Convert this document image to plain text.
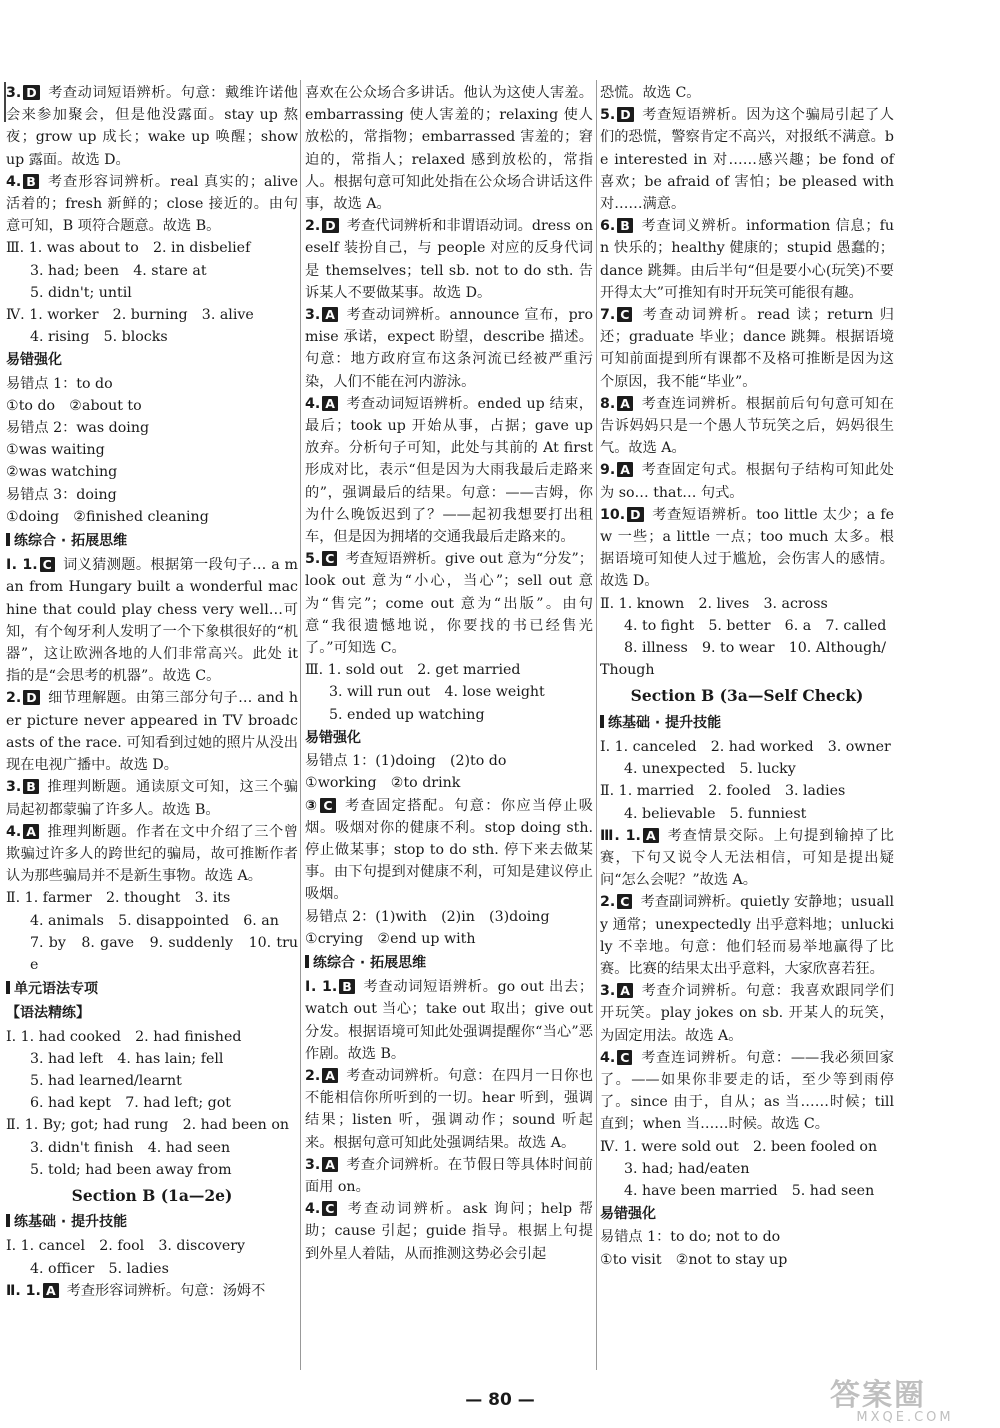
3. D 考查动词短语辨析。句意：戴维许诺他会来参加聚会，但是他没露面。stay up 熬夜；grow up 成长；wake up 唤醒；show up 露面。故选 D。

4. B 考查形容词辨析。real 真实的；alive 活着的；fresh 新鲜的；close 接近的。由句意可知，B 项符合题意。故选 B。

Ⅲ. 1. was about to　2. in disbelief

3. had; been　4. stare at

5. didn't; until

Ⅳ. 1. worker　2. burning　3. alive

4. rising　5. blocks

易错强化

易错点 1：to do

①to do　②about to

易错点 2：was doing

①was waiting

②was watching

易错点 3：doing

①doing　②finished cleaning

练综合 · 拓展思维

Ⅰ. 1. C 词义猜测题。根据第一段句子… a man from Hungary built a wonderful machine that could play chess very well…可知，有个匈牙利人发明了一个下象棋很好的“机器”，这让欧洲各地的人们非常高兴。此处 it 指的是“会思考的机器”。故选 C。

2. D 细节理解题。由第三部分句子… and her picture never appeared in TV broadcasts of the race. 可知看到过她的照片从没出现在电视广播中。故选 D。

3. B 推理判断题。通读原文可知，这三个骗局起初都蒙骗了许多人。故选 B。

4. A 推理判断题。作者在文中介绍了三个曾欺骗过许多人的跨世纪的骗局，故可推断作者认为那些骗局并不是新生事物。故选 A。

Ⅱ. 1. farmer　2. thought　3. its

4. animals　5. disappointed　6. an

7. by　8. gave　9. suddenly　10. true

单元语法专项
【语法精练】

Ⅰ. 1. had cooked　2. had finished

3. had left　4. has lain; fell

5. had learned/learnt

6. had kept　7. had left; got

Ⅱ. 1. By; got; had rung　2. had been on

3. didn't finish　4. had seen

5. told; had been away from

Section B (1a—2e)
练基础 · 提升技能

Ⅰ. 1. cancel　2. fool　3. discovery

4. officer　5. ladies

Ⅱ. 1. A 考查形容词辨析。句意：汤姆不

喜欢在公众场合多讲话。他认为这使人害羞。embarrassing 使人害羞的；relaxing 使人放松的，常指物；embarrassed 害羞的；窘迫的，常指人；relaxed 感到放松的，常指人。根据句意可知此处指在公众场合讲话这件事，故选 A。

2. D 考查代词辨析和非谓语动词。dress oneself 装扮自己，与 people 对应的反身代词是 themselves；tell sb. not to do sth. 告诉某人不要做某事。故选 D。

3. A 考查动词辨析。announce 宣布，promise 承诺，expect 盼望，describe 描述。句意：地方政府宣布这条河流已经被严重污染，人们不能在河内游泳。

4. A 考查动词短语辨析。ended up 结束，最后；took up 开始从事，占据；gave up 放弃。分析句子可知，此处与其前的 At first 形成对比，表示“但是因为大雨我最后走路来的”，强调最后的结果。句意：——吉姆，你为什么晚饭迟到了？——起初我想要打出租车，但是因为拥堵的交通我最后走路来的。

5. C 考查短语辨析。give out 意为“分发”；look out 意为“小心，当心”；sell out 意为“售完”；come out 意为“出版”。由句意“我很遗憾地说，你要找的书已经售光了。”可知选 C。

Ⅲ. 1. sold out　2. get married

3. will run out　4. lose weight

5. ended up watching

易错强化

易错点 1：(1)doing　(2)to do

①working　②to drink

③ C 考查固定搭配。句意：你应当停止吸烟。吸烟对你的健康不利。stop doing sth. 停止做某事；stop to do sth. 停下来去做某事。由下句提到对健康不利，可知是建议停止吸烟。

易错点 2：(1)with　(2)in　(3)doing

①crying　②end up with

练综合 · 拓展思维

Ⅰ. 1. B 考查动词短语辨析。go out 出去；watch out 当心；take out 取出；give out 分发。根据语境可知此处强调提醒你“当心”恶作剧。故选 B。

2. A 考查动词辨析。句意：在四月一日你也不能相信你所听到的一切。hear 听到，强调结果；listen 听，强调动作；sound 听起来。根据句意可知此处强调结果。故选 A。

3. A 考查介词辨析。在节假日等具体时间前面用 on。

4. C 考查动词辨析。ask 询问；help 帮助；cause 引起；guide 指导。根据上句提到外星人着陆，从而推测这势必会引起

恐慌。故选 C。

5. D 考查短语辨析。因为这个骗局引起了人们的恐慌，警察肯定不高兴，对报纸不满意。be interested in 对……感兴趣；be fond of 喜欢；be afraid of 害怕；be pleased with 对……满意。

6. B 考查词义辨析。information 信息；fun 快乐的；healthy 健康的；stupid 愚蠢的；dance 跳舞。由后半句“但是要小心(玩笑)不要开得太大”可推知有时开玩笑可能很有趣。

7. C 考查动词辨析。read 读；return 归还；graduate 毕业；dance 跳舞。根据语境可知前面提到所有课都不及格可推断是因为这个原因，我不能“毕业”。

8. A 考查连词辨析。根据前后句句意可知在告诉妈妈只是一个愚人节玩笑之后，妈妈很生气。故选 A。

9. A 考查固定句式。根据句子结构可知此处为 so… that… 句式。

10. D 考查短语辨析。too little 太少；a few 一些；a little 一点；too much 太多。根据语境可知使人过于尴尬，会伤害人的感情。故选 D。

Ⅱ. 1. known　2. lives　3. across

4. to fight　5. better　6. a　7. called

8. illness　9. to wear　10. Although/

Though

Section B (3a—Self Check)
练基础 · 提升技能

Ⅰ. 1. canceled　2. had worked　3. owner

4. unexpected　5. lucky

Ⅱ. 1. married　2. fooled　3. ladies

4. believable　5. funniest

Ⅲ. 1. A 考查情景交际。上句提到输掉了比赛，下句又说令人无法相信，可知是提出疑问“怎么会呢？”故选 A。

2. C 考查副词辨析。quietly 安静地；usually 通常；unexpectedly 出乎意料地；unluckily 不幸地。句意：他们轻而易举地赢得了比赛。比赛的结果太出乎意料，大家欣喜若狂。

3. A 考查介词辨析。句意：我喜欢跟同学们开玩笑。play jokes on sb. 开某人的玩笑，为固定用法。故选 A。

4. C 考查连词辨析。句意：——我必须回家了。——如果你非要走的话，至少等到雨停了。since 由于，自从；as 当……时候；till 直到；when 当……时候。故选 C。

Ⅳ. 1. were sold out　2. been fooled on

3. had; had/eaten

4. have been married　5. had seen

易错强化

易错点 1：to do; not to do

①to visit　②not to stay up

— 80 —	答案圈
MXQE.COM
